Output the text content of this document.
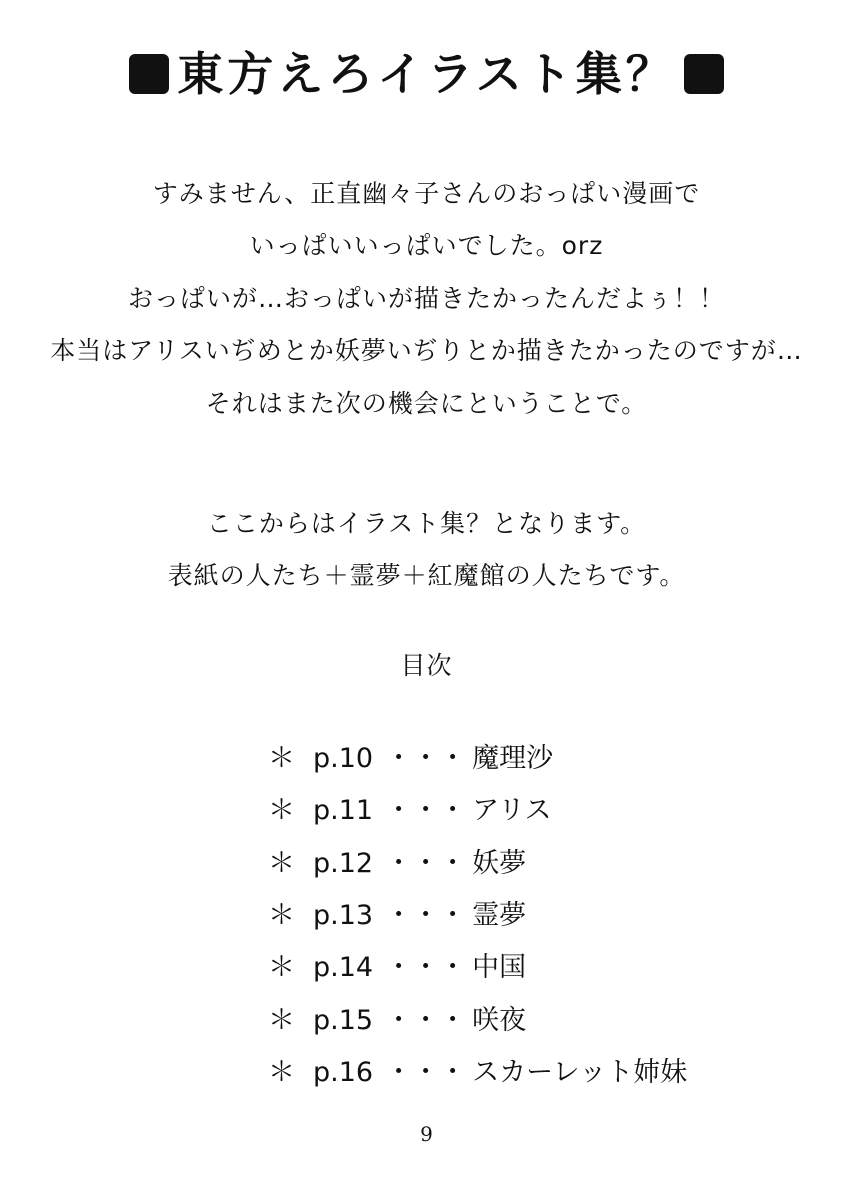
東方えろイラスト集？
すみません、正直幽々子さんのおっぱい漫画で
いっぱいいっぱいでした。orz
おっぱいが…おっぱいが描きたかったんだよぅ！！
本当はアリスいぢめとか妖夢いぢりとか描きたかったのですが…
それはまた次の機会にということで。
ここからはイラスト集？となります。
表紙の人たち＋霊夢＋紅魔館の人たちです。
目次
＊ p.10 ・・・ 魔理沙
＊ p.11 ・・・ アリス
＊ p.12 ・・・ 妖夢
＊ p.13 ・・・ 霊夢
＊ p.14 ・・・ 中国
＊ p.15 ・・・ 咲夜
＊ p.16 ・・・ スカーレット姉妹
9
